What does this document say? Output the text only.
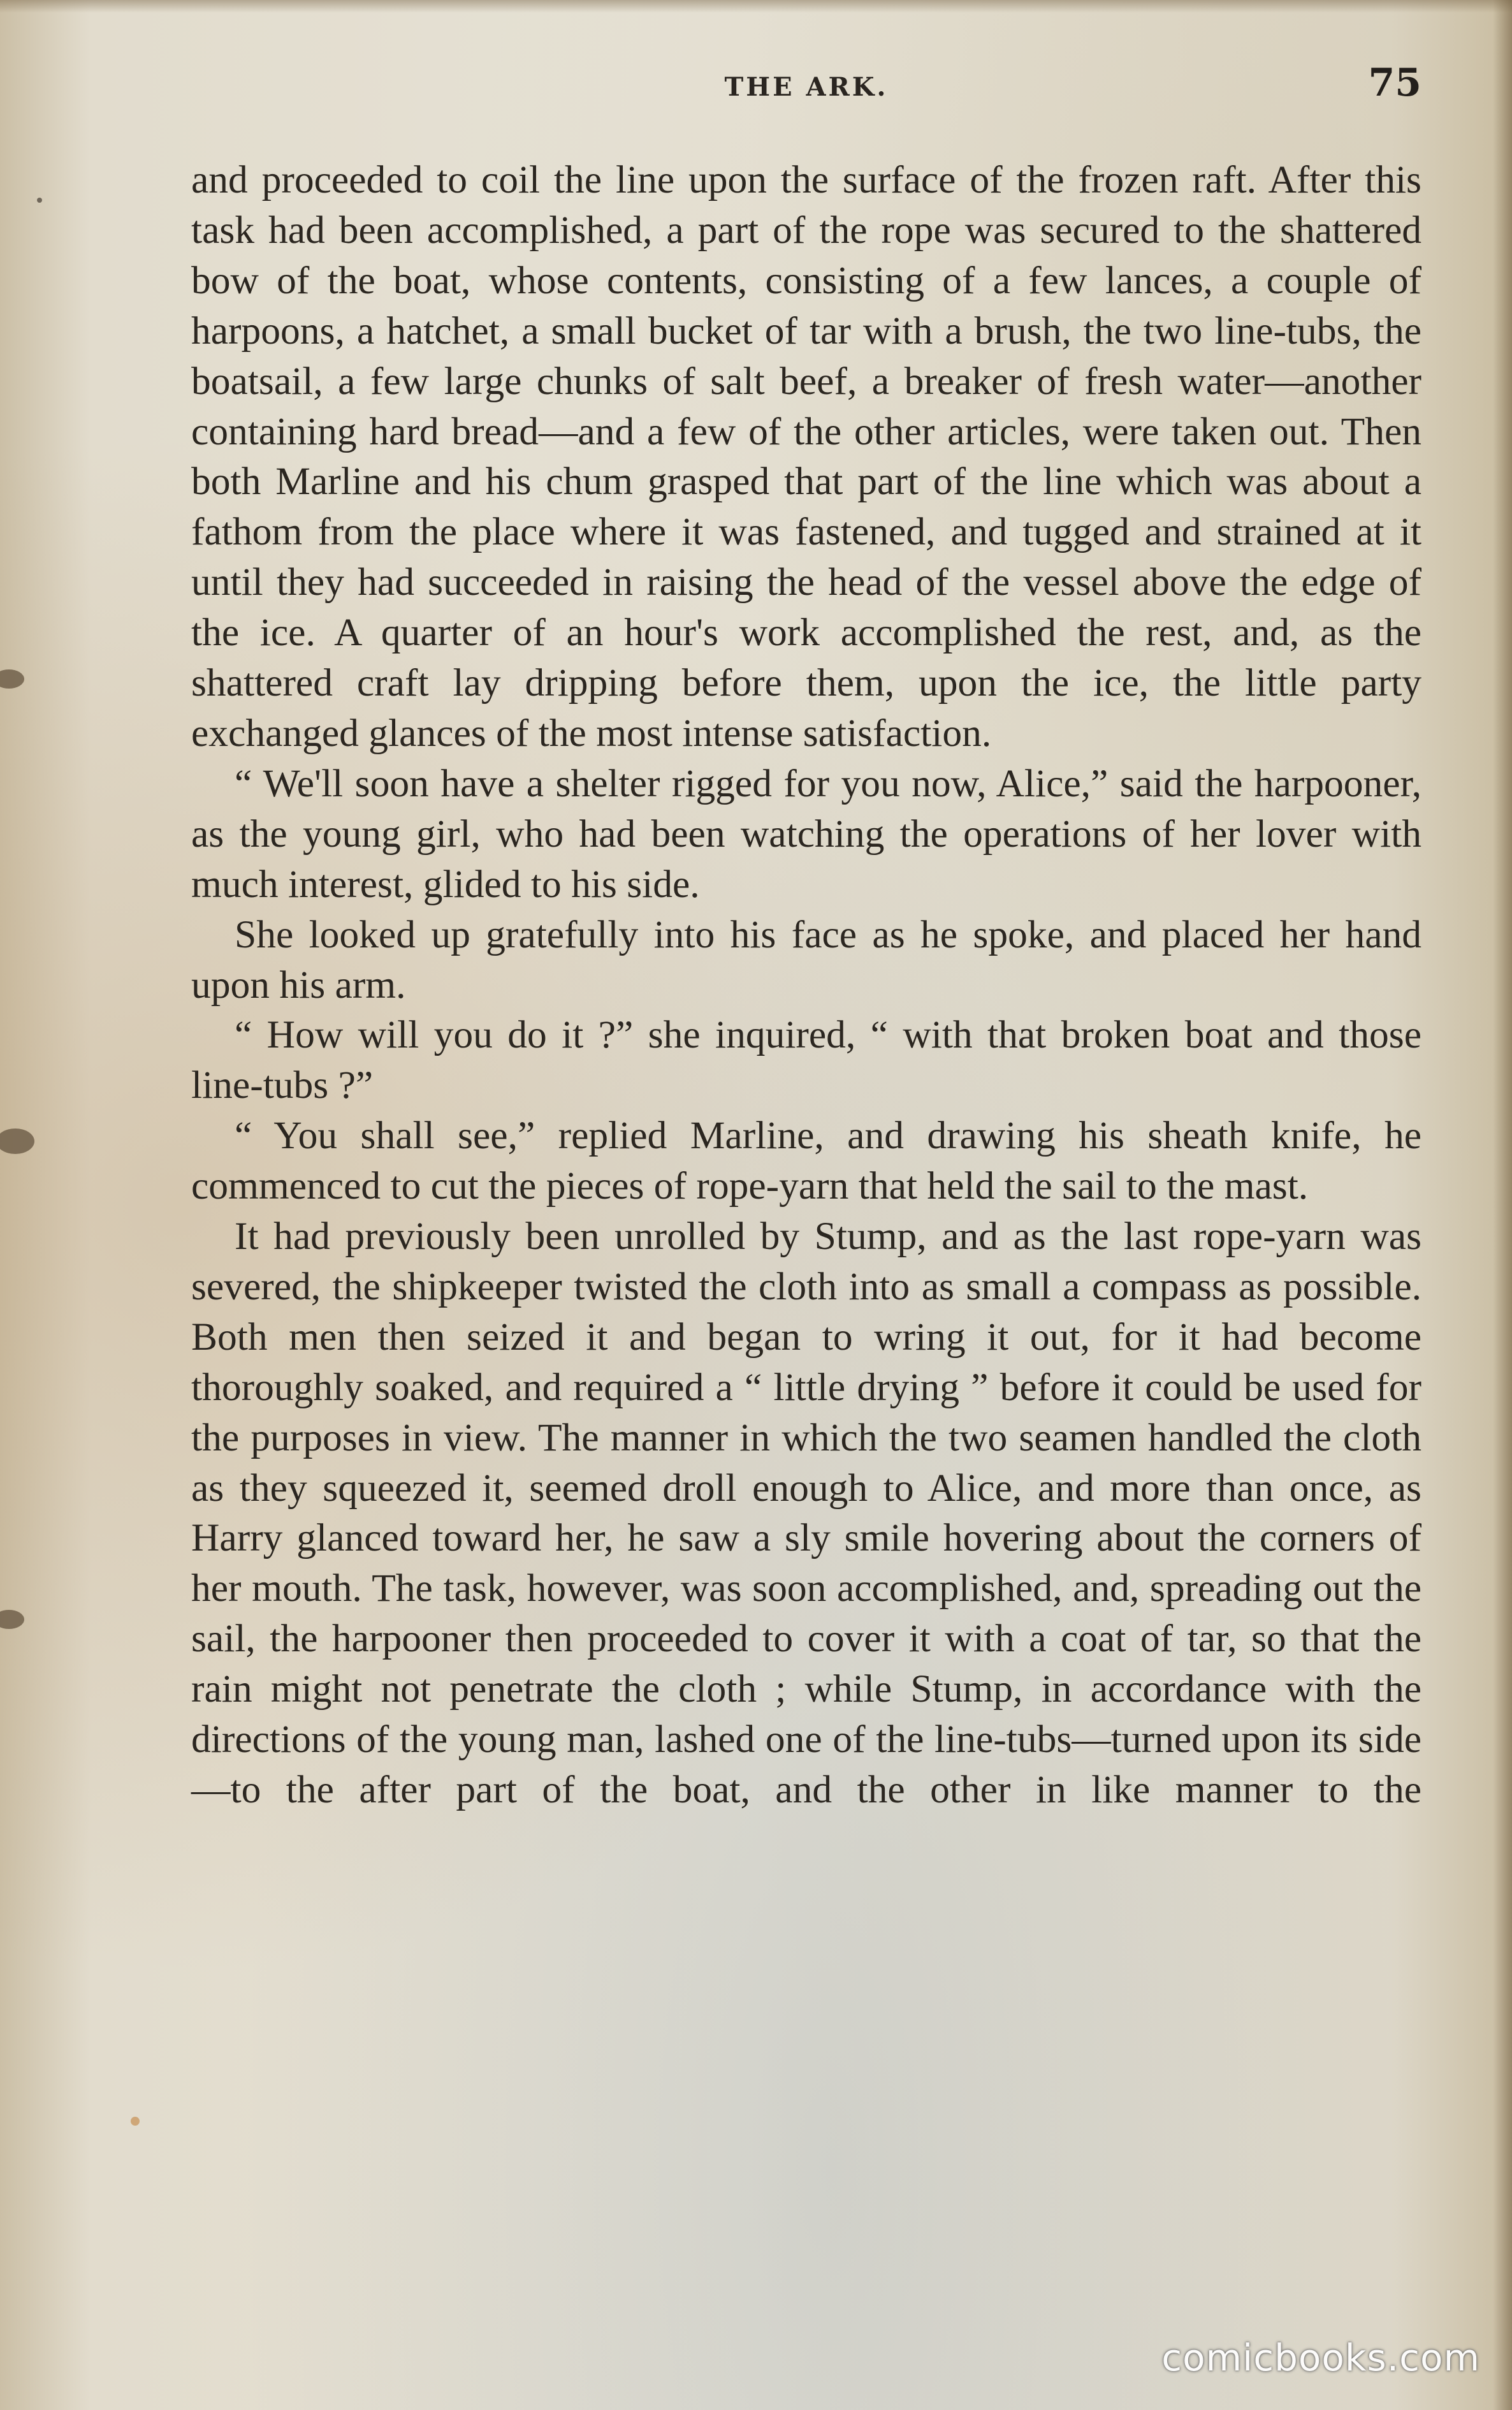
THE ARK.	75

and proceeded to coil the line upon the surface of the frozen raft. After this task had been accomplished, a part of the rope was secured to the shattered bow of the boat, whose contents, consisting of a few lances, a couple of harpoons, a hatchet, a small bucket of tar with a brush, the two line-tubs, the boatsail, a few large chunks of salt beef, a breaker of fresh water—another containing hard bread—and a few of the other articles, were taken out. Then both Marline and his chum grasped that part of the line which was about a fathom from the place where it was fastened, and tugged and strained at it until they had succeeded in raising the head of the vessel above the edge of the ice. A quarter of an hour's work accomplished the rest, and, as the shattered craft lay dripping before them, upon the ice, the little party exchanged glances of the most intense satisfaction.

“ We'll soon have a shelter rigged for you now, Alice,” said the harpooner, as the young girl, who had been watching the operations of her lover with much interest, glided to his side.

She looked up gratefully into his face as he spoke, and placed her hand upon his arm.

“ How will you do it ?” she inquired, “ with that broken boat and those line-tubs ?”

“ You shall see,” replied Marline, and drawing his sheath knife, he commenced to cut the pieces of rope-yarn that held the sail to the mast.

It had previously been unrolled by Stump, and as the last rope-yarn was severed, the shipkeeper twisted the cloth into as small a compass as possible. Both men then seized it and began to wring it out, for it had become thoroughly soaked, and required a “ little drying ” before it could be used for the purposes in view. The manner in which the two seamen handled the cloth as they squeezed it, seemed droll enough to Alice, and more than once, as Harry glanced toward her, he saw a sly smile hovering about the corners of her mouth. The task, however, was soon accomplished, and, spreading out the sail, the harpooner then proceeded to cover it with a coat of tar, so that the rain might not penetrate the cloth ; while Stump, in accordance with the directions of the young man, lashed one of the line-tubs—turned upon its side—to the after part of the boat, and the other in like manner to the

comicbooks.com
